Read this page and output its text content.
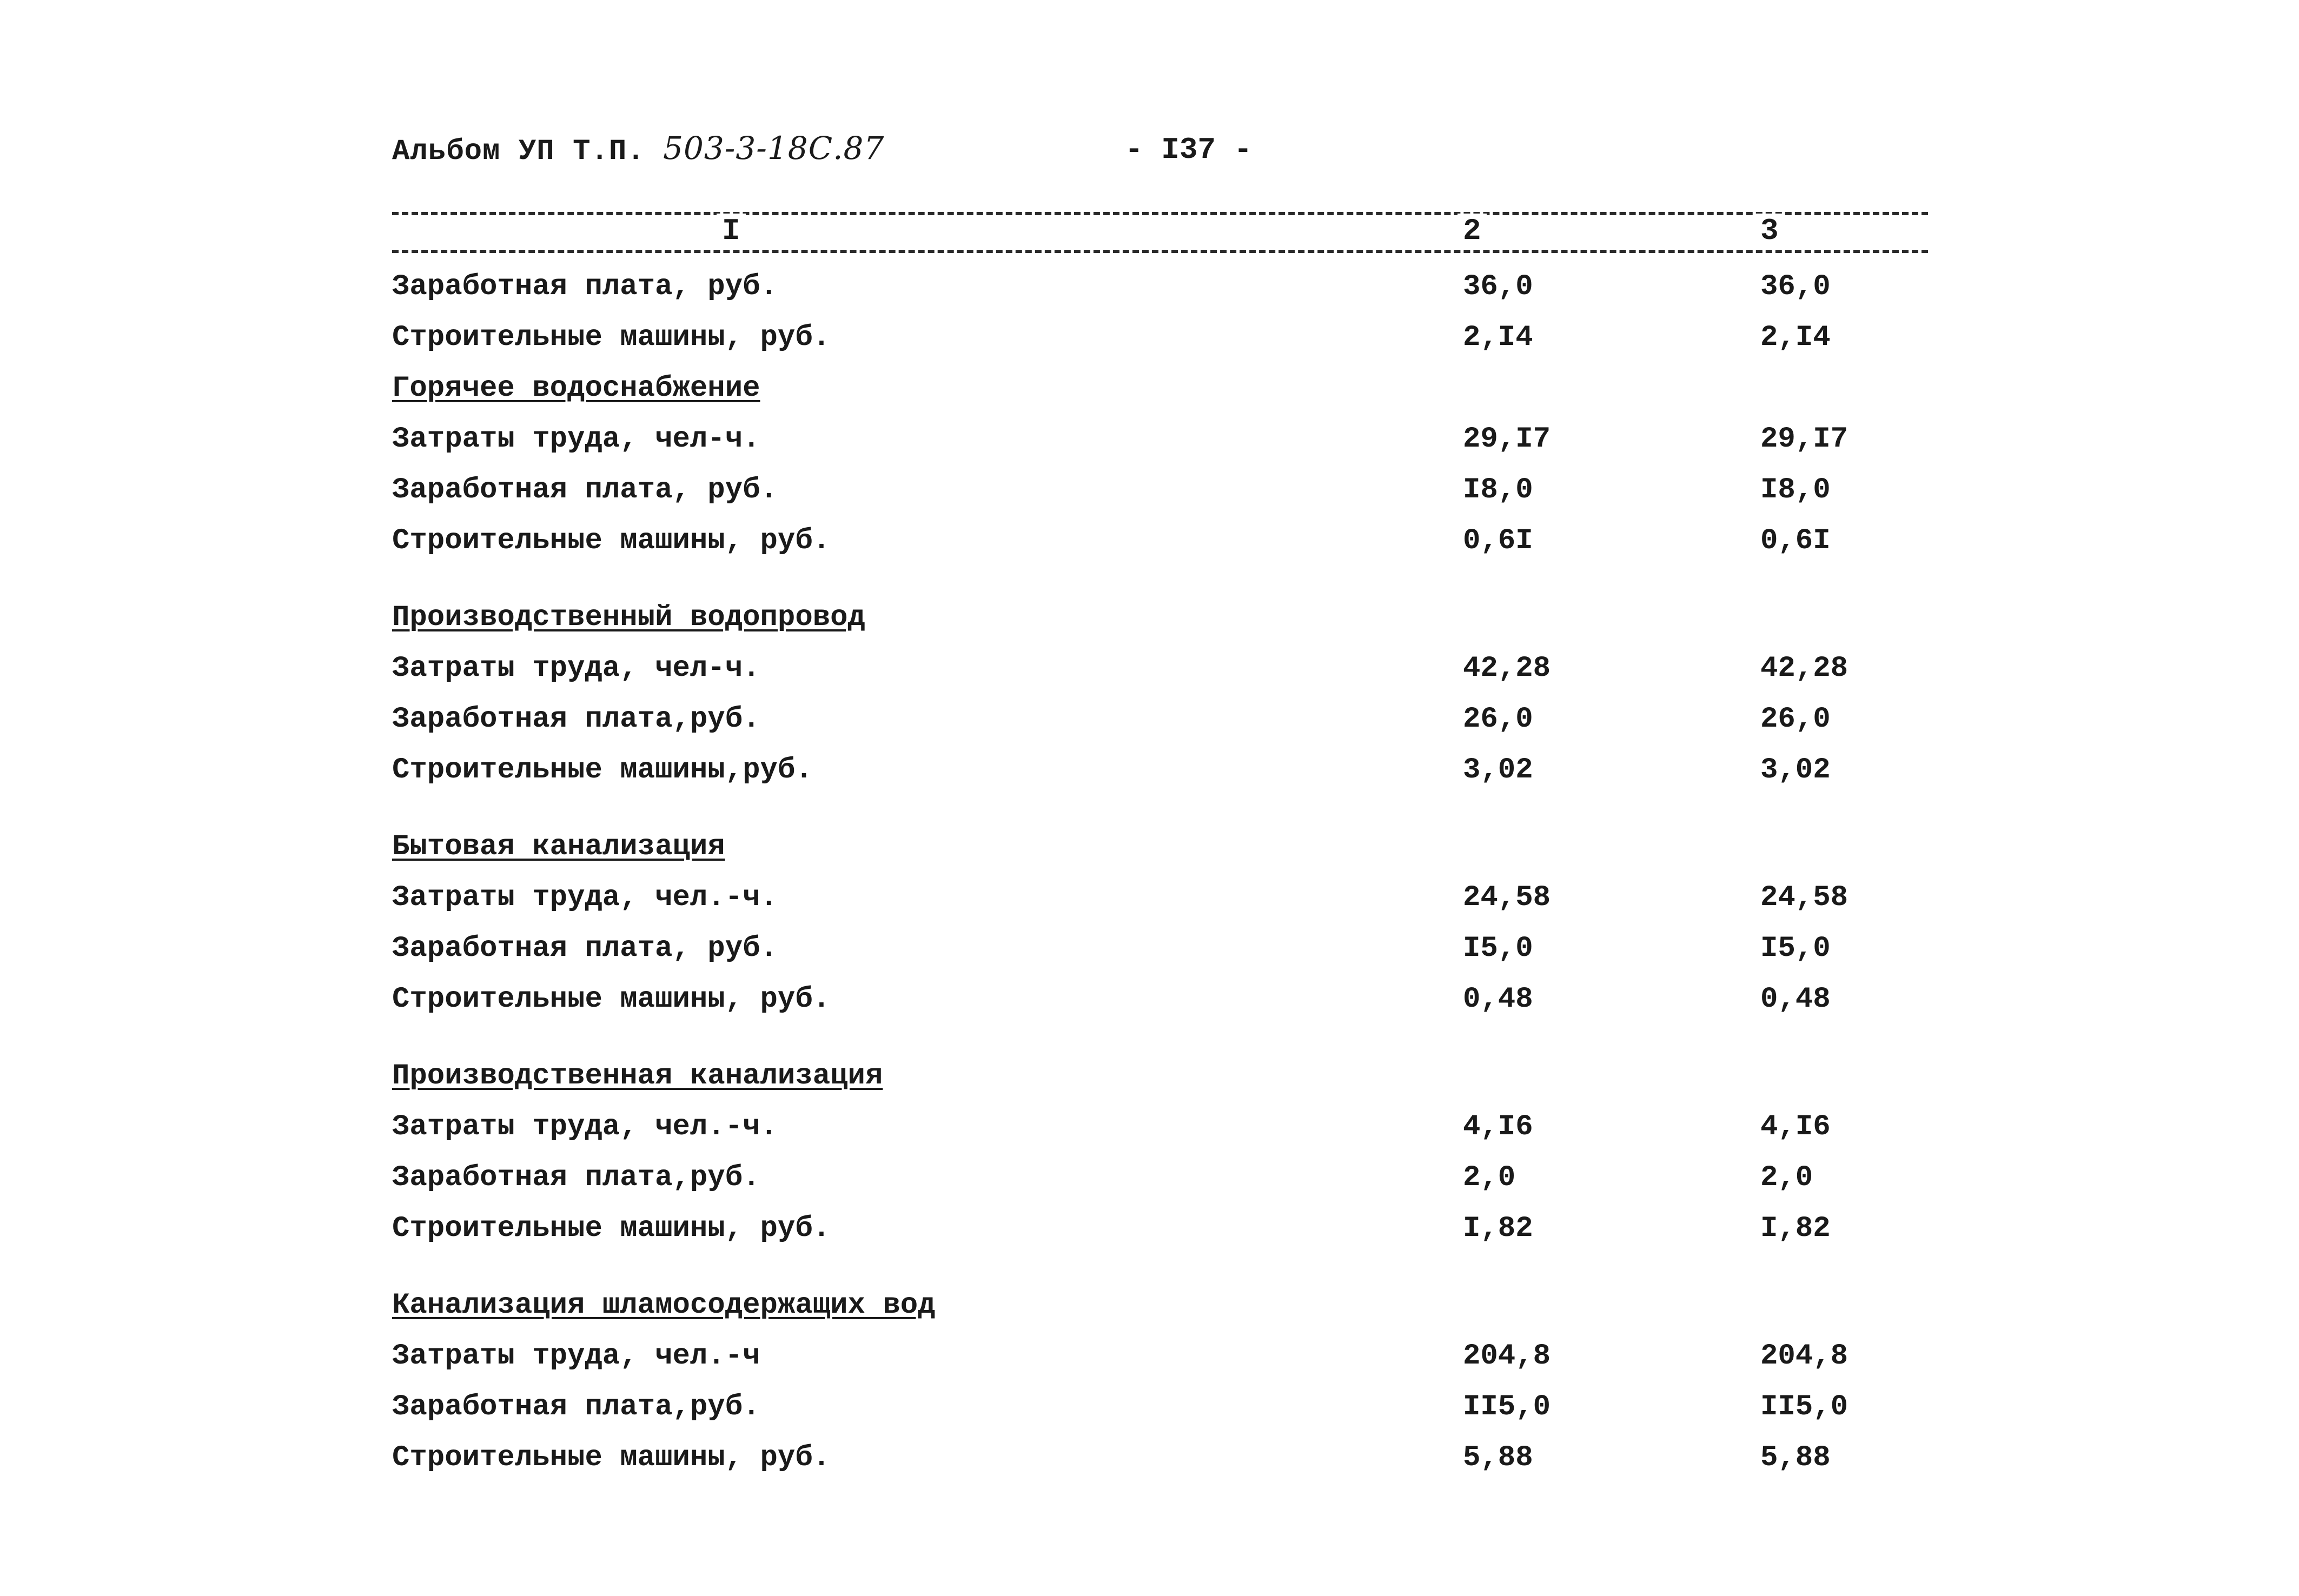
Альбом УП Т.П. 503-3-18С.87	- I37 -
I	2	3
Заработная плата, руб.	36,0	36,0
Строительные машины, руб.	2,I4	2,I4
Горячее водоснабжение
Затраты труда, чел-ч.	29,I7	29,I7
Заработная плата, руб.	I8,0	I8,0
Строительные машины, руб.	0,6I	0,6I
Производственный водопровод
Затраты труда, чел-ч.	42,28	42,28
Заработная плата,руб.	26,0	26,0
Строительные машины,руб.	3,02	3,02
Бытовая канализация
Затраты труда, чел.-ч.	24,58	24,58
Заработная плата, руб.	I5,0	I5,0
Строительные машины, руб.	0,48	0,48
Производственная канализация
Затраты труда, чел.-ч.	4,I6	4,I6
Заработная плата,руб.	2,0	2,0
Строительные машины, руб.	I,82	I,82
Канализация шламосодержащих вод
Затраты труда, чел.-ч	204,8	204,8
Заработная плата,руб.	II5,0	II5,0
Строительные машины, руб.	5,88	5,88
